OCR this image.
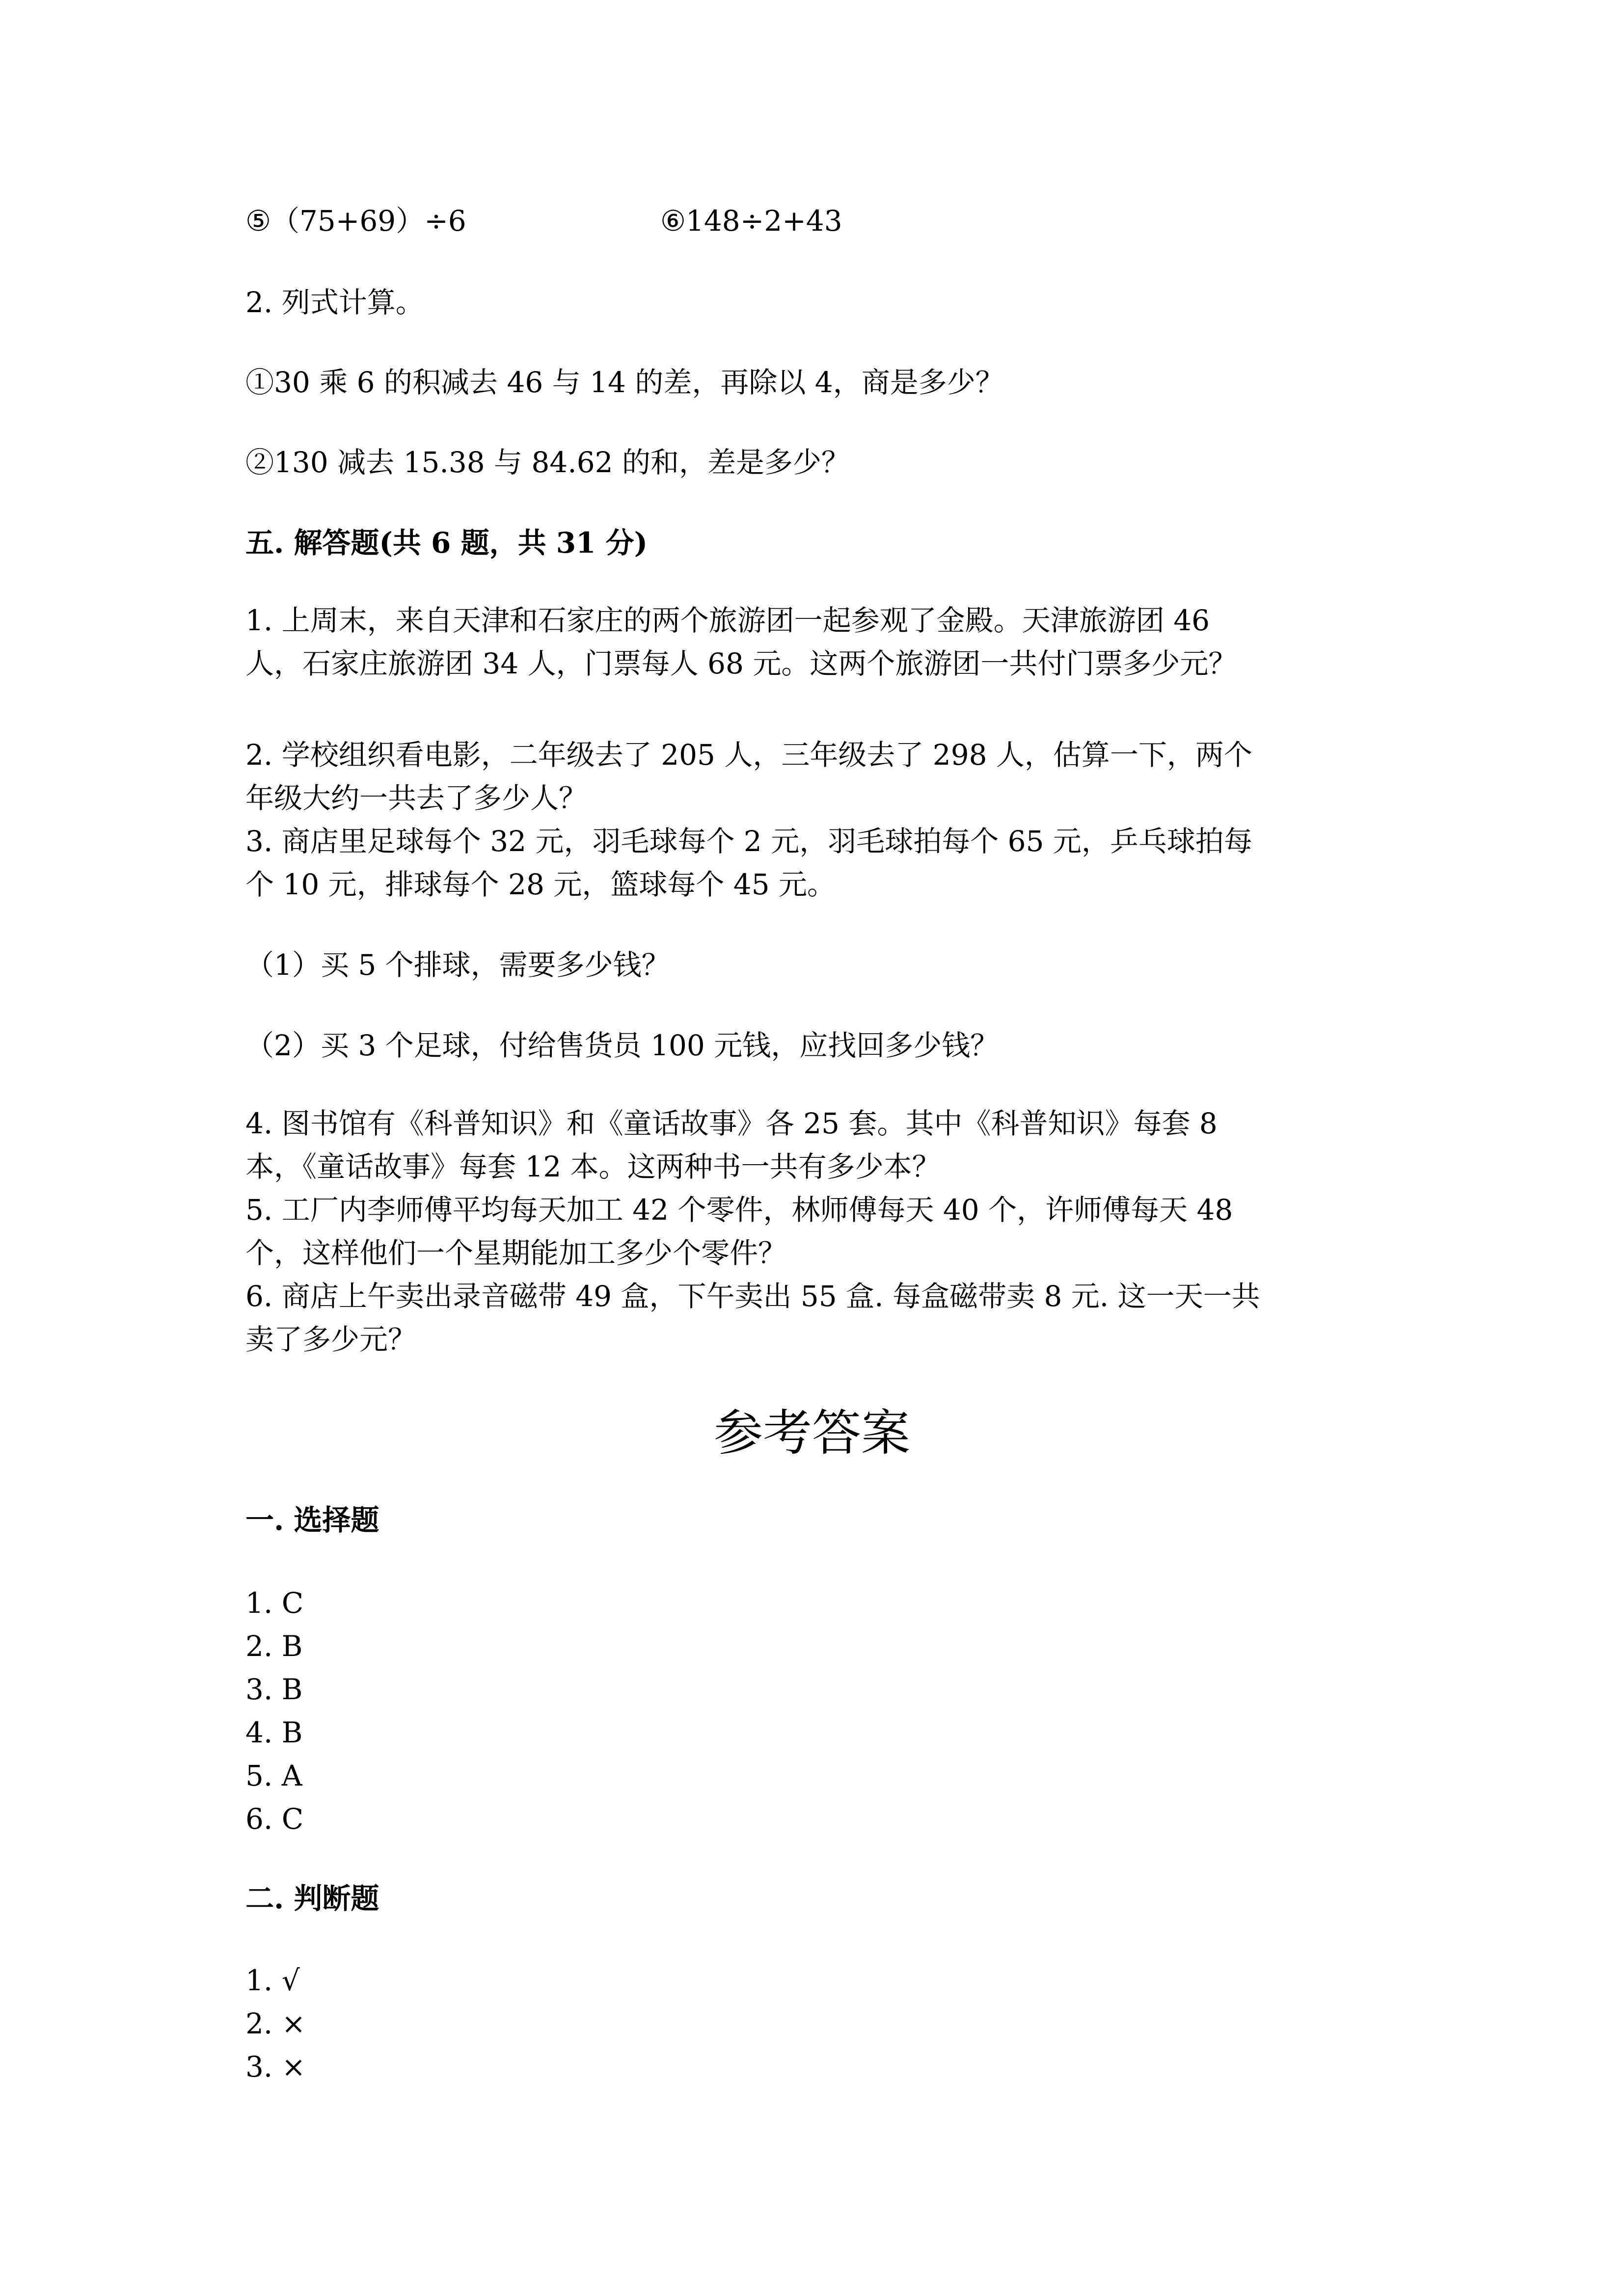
⑤（75+69）÷6	⑥148÷2+43
2. 列式计算。
①30 乘 6 的积减去 46 与 14 的差，再除以 4，商是多少？
②130 减去 15.38 与 84.62 的和，差是多少？
五. 解答题(共 6 题，共 31 分)
1. 上周末，来自天津和石家庄的两个旅游团一起参观了金殿。天津旅游团 46
人，石家庄旅游团 34 人，门票每人 68 元。这两个旅游团一共付门票多少元？
2. 学校组织看电影，二年级去了 205 人，三年级去了 298 人，估算一下，两个
年级大约一共去了多少人？
3. 商店里足球每个 32 元，羽毛球每个 2 元，羽毛球拍每个 65 元，乒乓球拍每
个 10 元，排球每个 28 元，篮球每个 45 元。
（1）买 5 个排球，需要多少钱？
（2）买 3 个足球，付给售货员 100 元钱，应找回多少钱？
4. 图书馆有《科普知识》和《童话故事》各 25 套。其中《科普知识》每套 8
本，《童话故事》每套 12 本。这两种书一共有多少本？
5. 工厂内李师傅平均每天加工 42 个零件，林师傅每天 40 个，许师傅每天 48
个，这样他们一个星期能加工多少个零件？
6. 商店上午卖出录音磁带 49 盒，下午卖出 55 盒. 每盒磁带卖 8 元. 这一天一共
卖了多少元？
参考答案
一. 选择题
1. C
2. B
3. B
4. B
5. A
6. C
二. 判断题
1. √
2. ×
3. ×
